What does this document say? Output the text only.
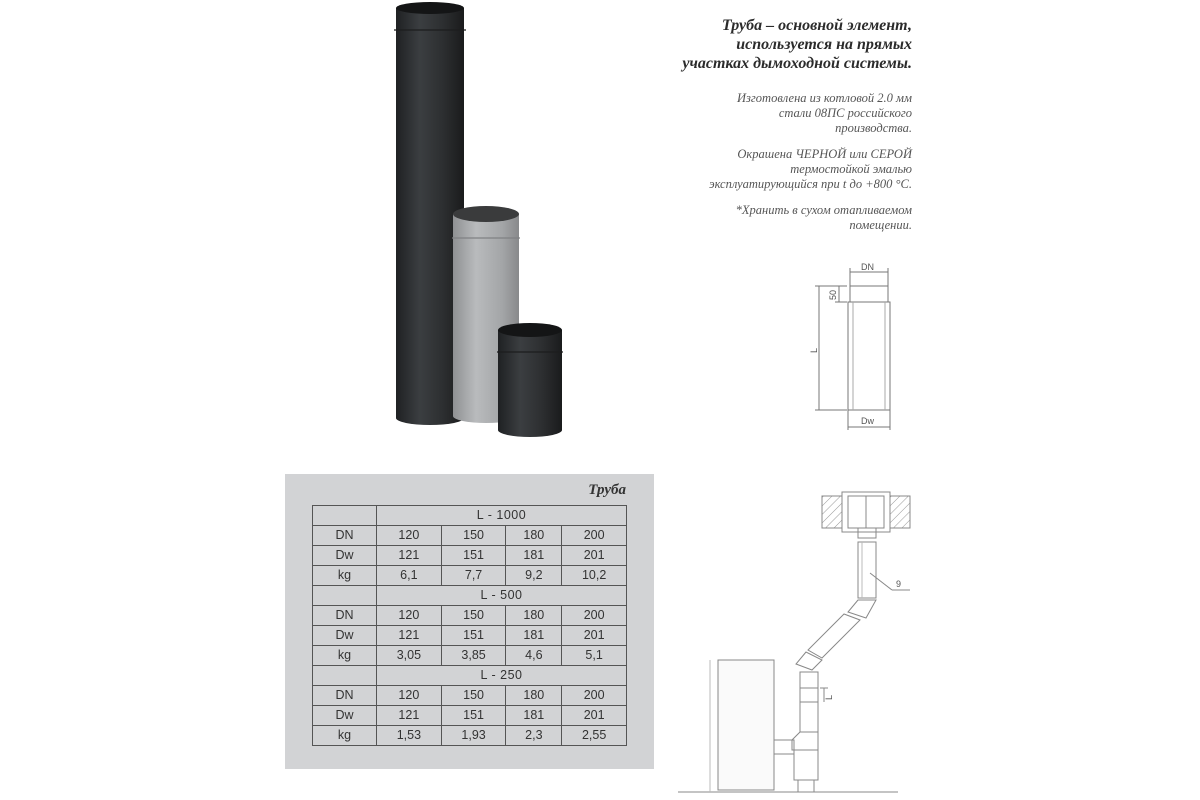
Труба – основной элемент,
используется на прямых
участках дымоходной системы.

Изготовлена из котловой 2.0 мм
стали 08ПС российского
производства.

Окрашена ЧЕРНОЙ или СЕРОЙ
термостойкой эмалью
эксплуатирующийся при t до +800 °С.

*Хранить в сухом отапливаемом
помещении.

DN
Dw
50
L
Труба
	L - 1000			
DN	120	150	180	200
Dw	121	151	181	201
kg	6,1	7,7	9,2	10,2
	L - 500			
DN	120	150	180	200
Dw	121	151	181	201
kg	3,05	3,85	4,6	5,1
	L - 250			
DN	120	150	180	200
Dw	121	151	181	201
kg	1,53	1,93	2,3	2,55
9
L
